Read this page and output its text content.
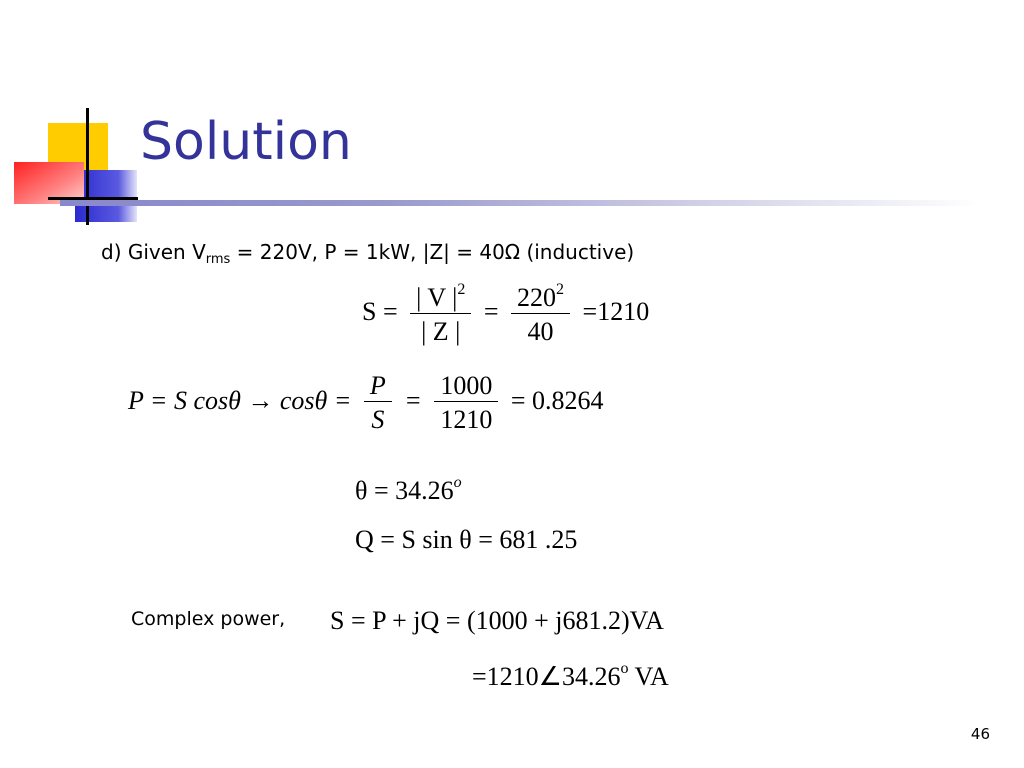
Solution
d) Given $V_{rms} = 220V$, P = 1kW, |Z| = 40Ω (inductive)
$S = \frac{| V |^2}{| Z |} = \frac{220^2}{40} =1210$
P = S $\cos\theta \to \cos\theta = \frac{P}{S} = \frac{1000}{1210} = 0.8264$
$\theta = 34.26^o$
Q = S sin θ = 681 .25
Complex power, S = P + jQ = (1000 + j681.2)VA
$=1210\angle 34.26^o$ VA
46
